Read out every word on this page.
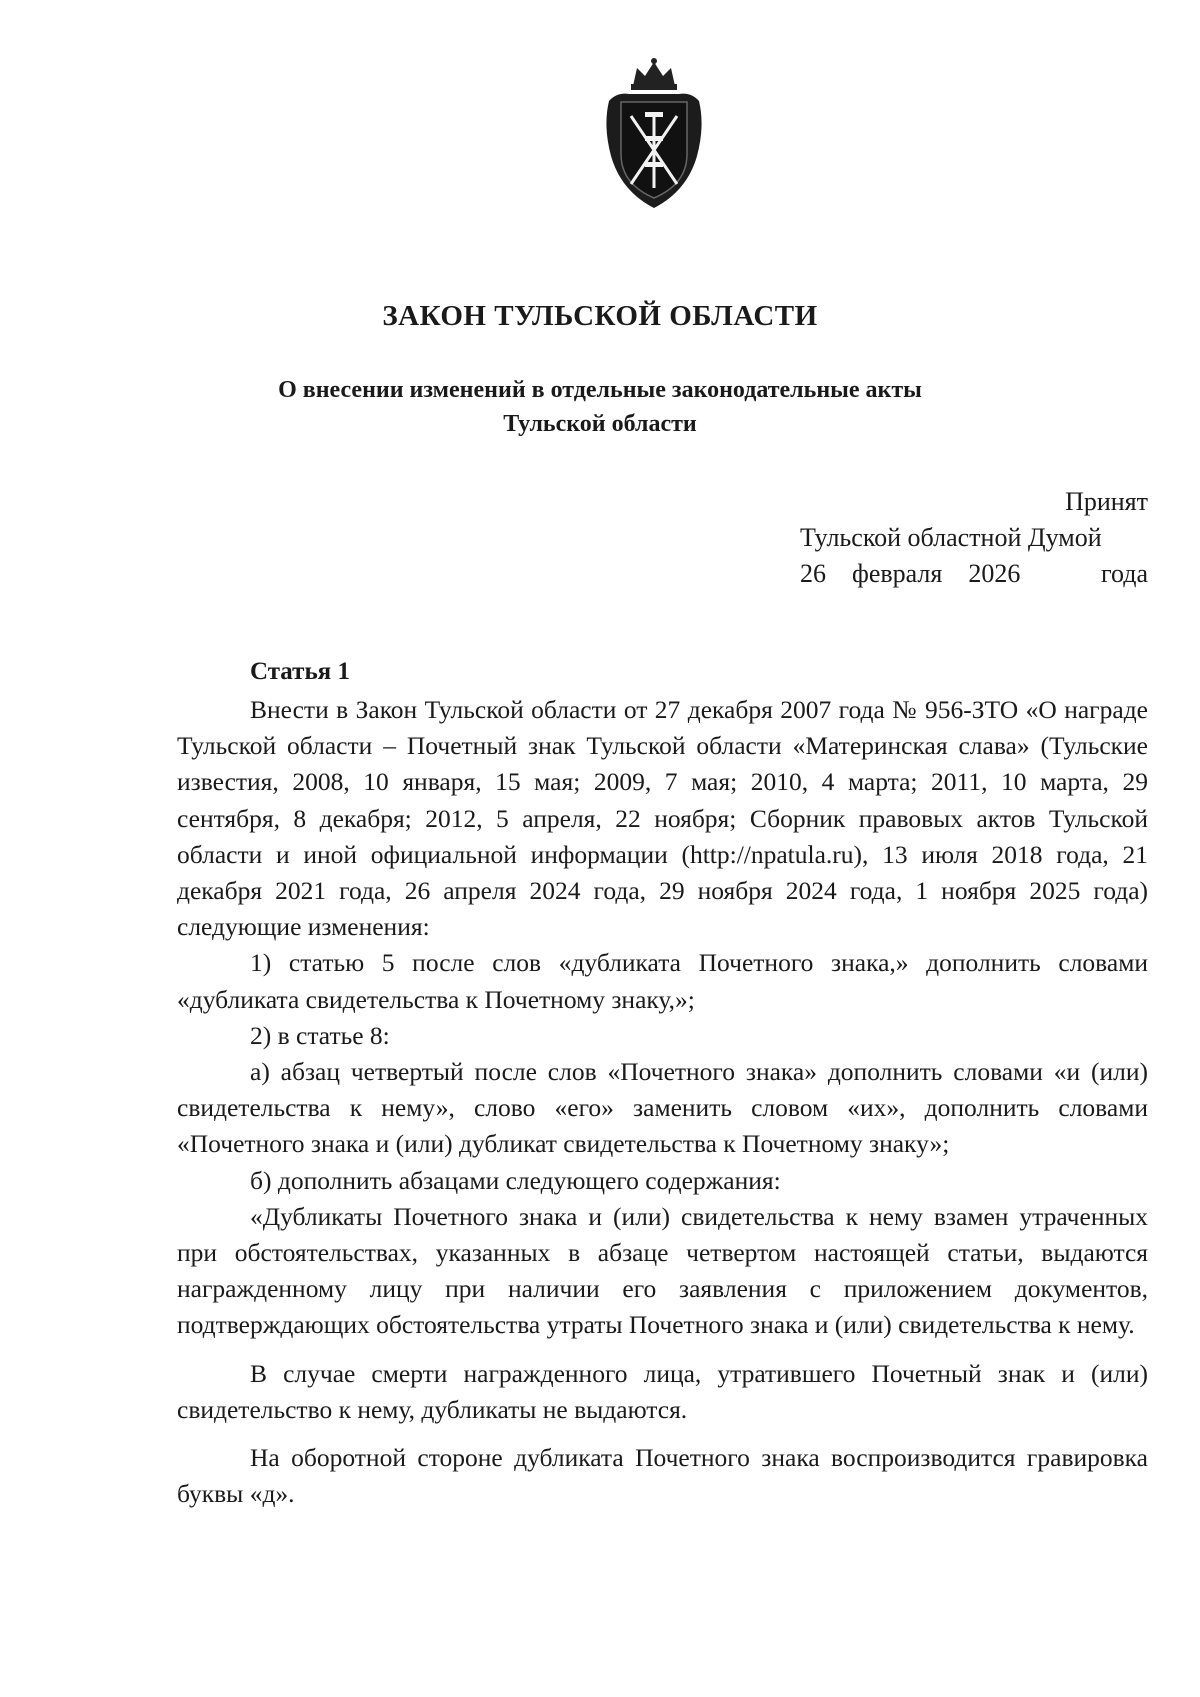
ЗАКОН ТУЛЬСКОЙ ОБЛАСТИ
О внесении изменений в отдельные законодательные акты
Тульской области
Принят
Тульской областной Думой
26 февраля 2026	года
Статья 1

Внести в Закон Тульской области от 27 декабря 2007 года № 956-ЗТО «О награде Тульской области – Почетный знак Тульской области «Материнская слава» (Тульские известия, 2008, 10 января, 15 мая; 2009, 7 мая; 2010, 4 марта; 2011, 10 марта, 29 сентября, 8 декабря; 2012, 5 апреля, 22 ноября; Сборник правовых актов Тульской области и иной официальной информации (http://npatula.ru), 13 июля 2018 года, 21 декабря 2021 года, 26 апреля 2024 года, 29 ноября 2024 года, 1 ноября 2025 года) следующие изменения:

1) статью 5 после слов «дубликата Почетного знака,» дополнить словами «дубликата свидетельства к Почетному знаку,»;

2) в статье 8:

а) абзац четвертый после слов «Почетного знака» дополнить словами «и (или) свидетельства к нему», слово «его» заменить словом «их», дополнить словами «Почетного знака и (или) дубликат свидетельства к Почетному знаку»;

б) дополнить абзацами следующего содержания:

«Дубликаты Почетного знака и (или) свидетельства к нему взамен утраченных при обстоятельствах, указанных в абзаце четвертом настоящей статьи, выдаются награжденному лицу при наличии его заявления с приложением документов, подтверждающих обстоятельства утраты Почетного знака и (или) свидетельства к нему.

В случае смерти награжденного лица, утратившего Почетный знак и (или) свидетельство к нему, дубликаты не выдаются.

На оборотной стороне дубликата Почетного знака воспроизводится гравировка буквы «д».
